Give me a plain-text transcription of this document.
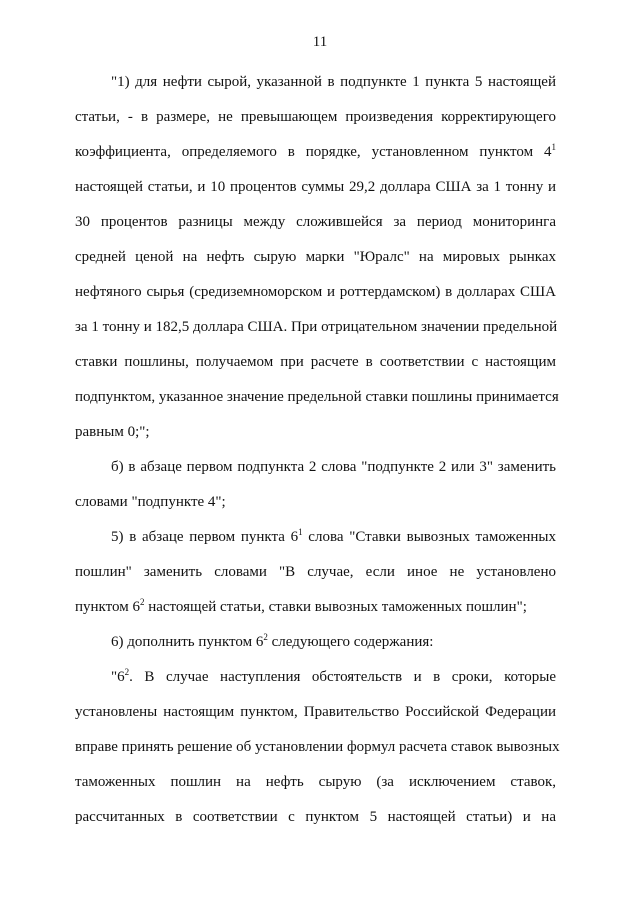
11
"1) для нефти сырой, указанной в подпункте 1 пункта 5 настоящей
статьи, - в размере, не превышающем произведения корректирующего
коэффициента, определяемого в порядке, установленном пунктом $4^1$
настоящей статьи, и 10 процентов суммы 29,2 доллара США за 1 тонну и
30 процентов разницы между сложившейся за период мониторинга
средней ценой на нефть сырую марки "Юралс" на мировых рынках
нефтяного сырья (средиземноморском и роттердамском) в долларах США
за 1 тонну и 182,5 доллара США. При отрицательном значении предельной
ставки пошлины, получаемом при расчете в соответствии с настоящим
подпунктом, указанное значение предельной ставки пошлины принимается
равным 0;";
б) в абзаце первом подпункта 2 слова "подпункте 2 или 3" заменить
словами "подпункте 4";
5) в абзаце первом пункта $6^1$ слова "Ставки вывозных таможенных
пошлин" заменить словами "В случае, если иное не установлено
пунктом $6^2$ настоящей статьи, ставки вывозных таможенных пошлин";
6) дополнить пунктом $6^2$ следующего содержания:
"$6^2$. В случае наступления обстоятельств и в сроки, которые
установлены настоящим пунктом, Правительство Российской Федерации
вправе принять решение об установлении формул расчета ставок вывозных
таможенных пошлин на нефть сырую (за исключением ставок,
рассчитанных в соответствии с пунктом 5 настоящей статьи) и на
